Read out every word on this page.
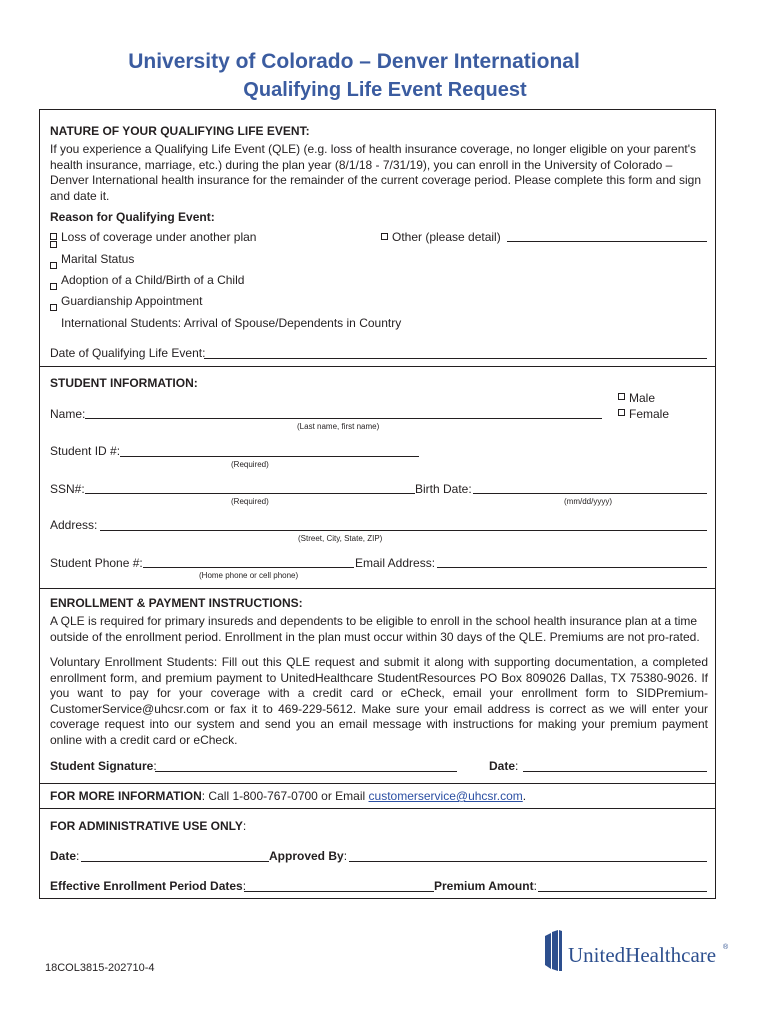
University of Colorado – Denver International
Qualifying Life Event Request
NATURE OF YOUR QUALIFYING LIFE EVENT:
If you experience a Qualifying Life Event (QLE) (e.g. loss of health insurance coverage, no longer eligible on your parent's health insurance, marriage, etc.) during the plan year (8/1/18 - 7/31/19), you can enroll in the University of Colorado – Denver International health insurance for the remainder of the current coverage period. Please complete this form and sign and date it.
Reason for Qualifying Event:
Loss of coverage under another plan
Marital Status
Adoption of a Child/Birth of a Child
Guardianship Appointment
International Students: Arrival of Spouse/Dependents in Country
Other (please detail)
Date of Qualifying Life Event:
STUDENT INFORMATION:
Male
Female
Name:
(Last name, first name)
Student ID #:
(Required)
SSN#:
(Required)
Birth Date:
(mm/dd/yyyy)
Address:
(Street, City, State, ZIP)
Student Phone #:
(Home phone or cell phone)
Email Address:
ENROLLMENT & PAYMENT INSTRUCTIONS:
A QLE is required for primary insureds and dependents to be eligible to enroll in the school health insurance plan at a time outside of the enrollment period. Enrollment in the plan must occur within 30 days of the QLE. Premiums are not pro-rated.
Voluntary Enrollment Students: Fill out this QLE request and submit it along with supporting documentation, a completed enrollment form, and premium payment to UnitedHealthcare StudentResources PO Box 809026 Dallas, TX 75380-9026. If you want to pay for your coverage with a credit card or eCheck, email your enrollment form to SIDPremium-CustomerService@uhcsr.com or fax it to 469-229-5612. Make sure your email address is correct as we will enter your coverage request into our system and send you an email message with instructions for making your premium payment online with a credit card or eCheck.
Student Signature:	Date:
FOR MORE INFORMATION: Call 1-800-767-0700 or Email customerservice@uhcsr.com.
FOR ADMINISTRATIVE USE ONLY:
Date:	Approved By:
Effective Enrollment Period Dates:	Premium Amount:
18COL3815-202710-4
UnitedHealthcare ®
